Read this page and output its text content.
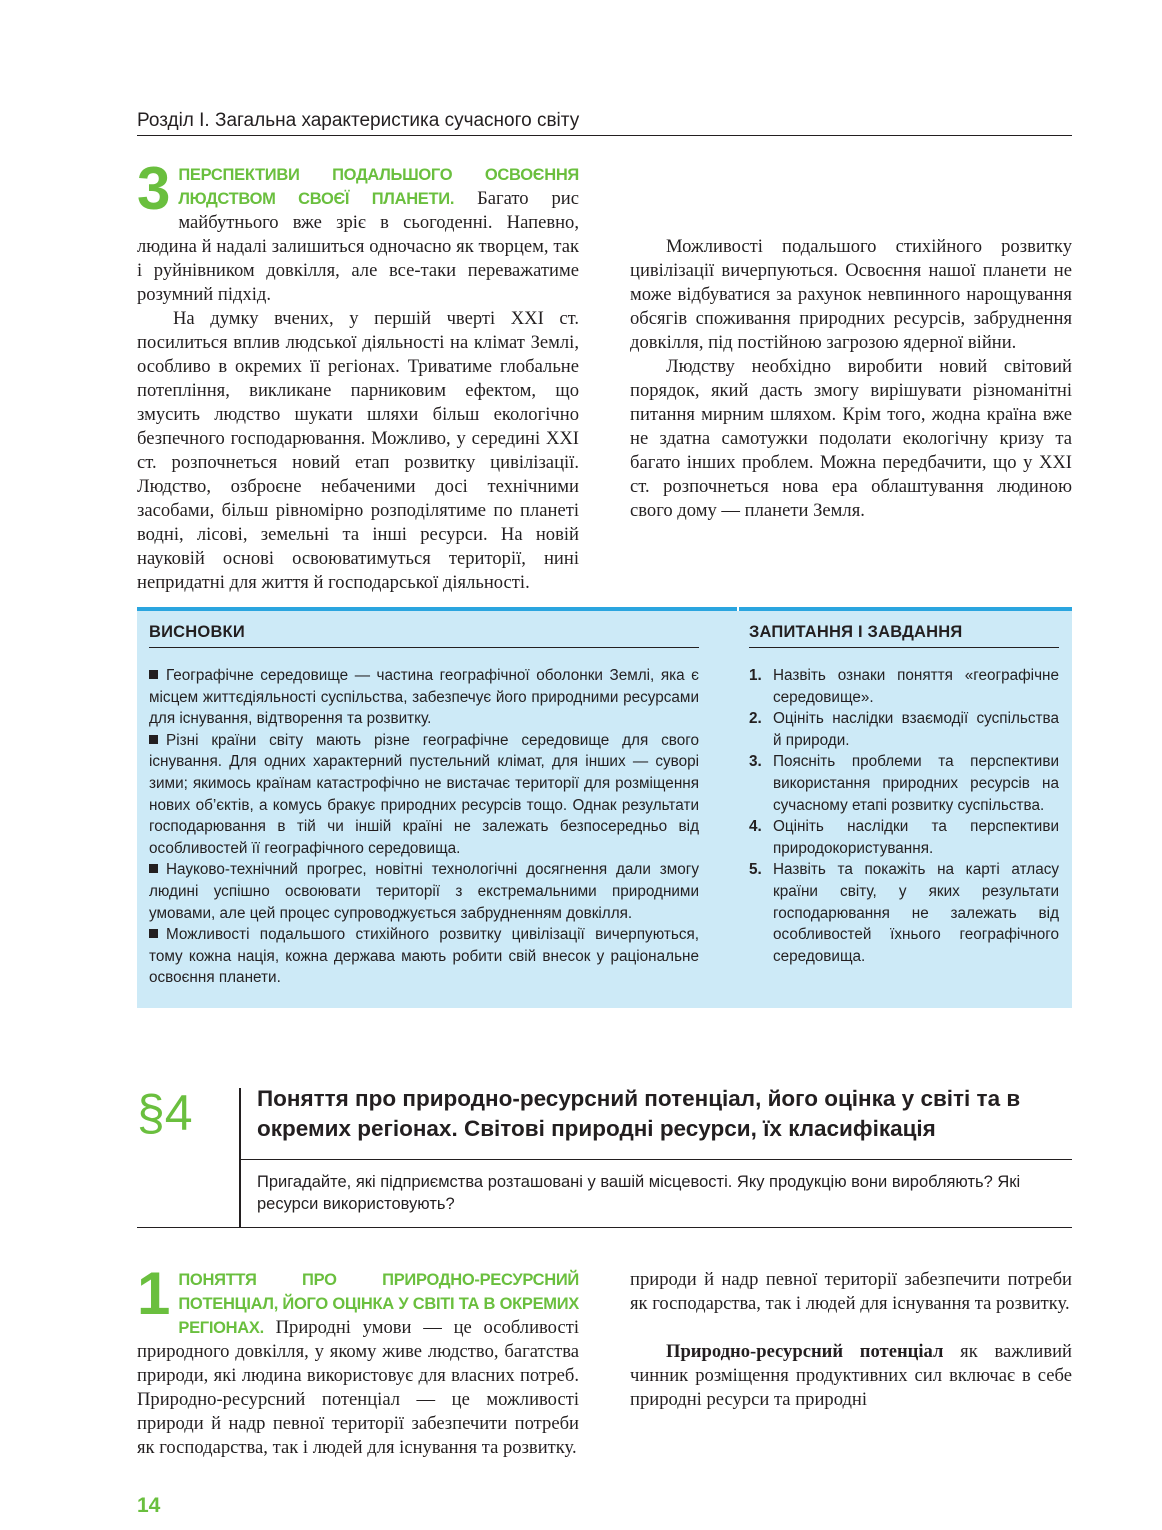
Розділ І. Загальна характеристика сучасного світу

3 ПЕРСПЕКТИВИ ПОДАЛЬШОГО ОСВОЄННЯ ЛЮДСТВОМ СВОЄЇ ПЛАНЕТИ. Багато рис майбутнього вже зріє в сьогоденні. Напевно, людина й надалі залишиться одночасно як творцем, так і руйнівником довкілля, але все-таки переважатиме розумний підхід.

На думку вчених, у першій чверті XXI ст. посилиться вплив людської діяльності на клімат Землі, особливо в окремих її регіонах. Триватиме глобальне потепління, викликане парниковим ефектом, що змусить людство шукати шляхи більш екологічно безпечного господарювання. Можливо, у середині XXI ст. розпочнеться новий етап розвитку цивілізації. Людство, озброєне небаченими досі технічними засобами, більш рівномірно розподілятиме по планеті водні, лісові, земельні та інші ресурси. На новій науковій основі освоюватимуться території, нині непридатні для життя й господарської діяльності.

Можливості подальшого стихійного розвитку цивілізації вичерпуються. Освоєння нашої планети не може відбуватися за рахунок невпинного нарощування обсягів споживання природних ресурсів, забруднення довкілля, під постійною загрозою ядерної війни.

Людству необхідно виробити новий світовий порядок, який дасть змогу вирішувати різноманітні питання мирним шляхом. Крім того, жодна країна вже не здатна самотужки подолати екологічну кризу та багато інших проблем. Можна передбачити, що у XXI ст. розпочнеться нова ера облаштування людиною свого дому — планети Земля.

ВИСНОВКИ

Географічне середовище — частина географічної оболонки Землі, яка є місцем життєдіяльності суспільства, забезпечує його природними ресурсами для існування, відтворення та розвитку.

Різні країни світу мають різне географічне середовище для свого існування. Для одних характерний пустельний клімат, для інших — суворі зими; якимось країнам катастрофічно не вистачає території для розміщення нових об’єктів, а комусь бракує природних ресурсів тощо. Однак результати господарювання в тій чи іншій країні не залежать безпосередньо від особливостей її географічного середовища.

Науково-технічний прогрес, новітні технологічні досягнення дали змогу людині успішно освоювати території з екстремальними природними умовами, але цей процес супроводжується забрудненням довкілля.

Можливості подальшого стихійного розвитку цивілізації вичерпуються, тому кожна нація, кожна держава мають робити свій внесок у раціональне освоєння планети.

ЗАПИТАННЯ І ЗАВДАННЯ
1. Назвіть ознаки поняття «географічне середовище».
2. Оцініть наслідки взаємодії суспільства й природи.
3. Поясніть проблеми та перспективи використання природних ресурсів на сучасному етапі розвитку суспільства.
4. Оцініть наслідки та перспективи природокористування.
5. Назвіть та покажіть на карті атласу країни світу, у яких результати господарювання не залежать від особливостей їхнього географічного середовища.
§4	Поняття про природно-ресурсний потенціал, його оцінка у світі та в окремих регіонах. Світові природні ресурси, їх класифікація
Пригадайте, які підприємства розташовані у вашій місцевості. Яку продукцію вони виробляють? Які ресурси використовують?

1 ПОНЯТТЯ ПРО ПРИРОДНО-РЕСУРСНИЙ ПОТЕНЦІАЛ, ЙОГО ОЦІНКА У СВІТІ ТА В ОКРЕМИХ РЕГІОНАХ. Природні умови — це особливості природного довкілля, у якому живе людство, багатства природи, які людина використовує для власних потреб. Природно-ресурсний потенціал — це можливості природи й надр певної території забезпечити потреби як господарства, так і людей для існування та розвитку.

природи й надр певної території забезпечити потреби як господарства, так і людей для існування та розвитку.

Природно-ресурсний потенціал як важливий чинник розміщення продуктивних сил включає в себе природні ресурси та природні

14
